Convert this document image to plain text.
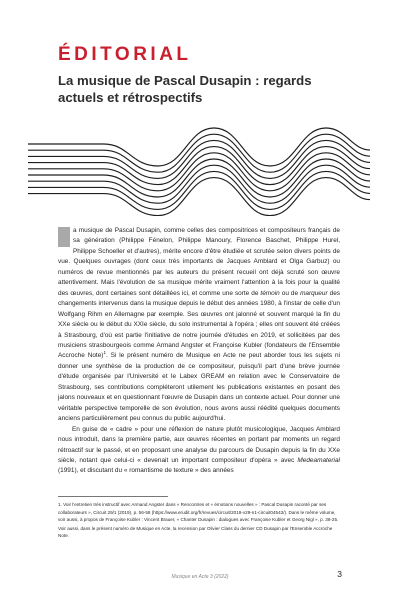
ÉDITORIAL
La musique de Pascal Dusapin : regards actuels et rétrospectifs

a musique de Pascal Dusapin, comme celles des compositrices et compositeurs français de sa génération (Philippe Fénelon, Philippe Manoury, Florence Baschet, Philippe Hurel, Philippe Schoeller et d'autres), mérite encore d'être étudiée et scrutée selon divers points de vue. Quelques ouvrages (dont ceux très importants de Jacques Amblard et Olga Garbuz) ou numéros de revue mentionnés par les auteurs du présent recueil ont déjà scruté son œuvre attentivement. Mais l'évolution de sa musique mérite vraiment l'attention à la fois pour la qualité des œuvres, dont certaines sont détaillées ici, et comme une sorte de témoin ou de marqueur des changements intervenus dans la musique depuis le début des années 1980, à l'instar de celle d'un Wolfgang Rihm en Allemagne par exemple. Ses œuvres ont jalonné et souvent marqué la fin du XXe siècle ou le début du XXIe siècle, du solo instrumental à l'opéra ; elles ont souvent été créées à Strasbourg, d'où est partie l'initiative de notre journée d'études en 2019, et sollicitées par des musiciens strasbourgeois comme Armand Angster et Françoise Kubler (fondateurs de l'Ensemble Accroche Note)$^1$. Si le présent numéro de Musique en Acte ne peut aborder tous les sujets ni donner une synthèse de la production de ce compositeur, puisqu'il part d'une brève journée d'étude organisée par l'Université et le Labex GREAM en relation avec le Conservatoire de Strasbourg, ses contributions compléteront utilement les publications existantes en posant des jalons nouveaux et en questionnant l'œuvre de Dusapin dans un contexte actuel. Pour donner une véritable perspective temporelle de son évolution, nous avons aussi réédité quelques documents anciens particulièrement peu connus du public aujourd'hui.

En guise de « cadre » pour une réflexion de nature plutôt musicologique, Jacques Amblard nous introduit, dans la première partie, aux œuvres récentes en portant par moments un regard rétroactif sur le passé, et en proposant une analyse du parcours de Dusapin depuis la fin du XXe siècle, notant que celui-ci « devenait un important compositeur d'opéra » avec Medeamaterial (1991), et discutant du « romantisme de texture » des années

1. Voir l'entretien très instructif avec Armand Angster dans « Rencontres et « émotions nouvelles » : Pascal Dusapin raconté par ses collaborateurs », Circuit 29/1 (2019), p. 56-58 (https://www.erudit.org/fr/revues/circuit/2019-v29-n1-circuit04543/). Dans le même volume, voir aussi, à propos de Françoise Kubler : Vincent Brauer, « Chanter Dusapin : dialogues avec Françoise Kubler et Georg Nigl », p. 38-25.

Voir aussi, dans le présent numéro de Musique en Acte, la recension par Olivier Class du dernier CD Dusapin par l'Ensemble Accroche Note.

Musique en Acte 3 (2022)	3
